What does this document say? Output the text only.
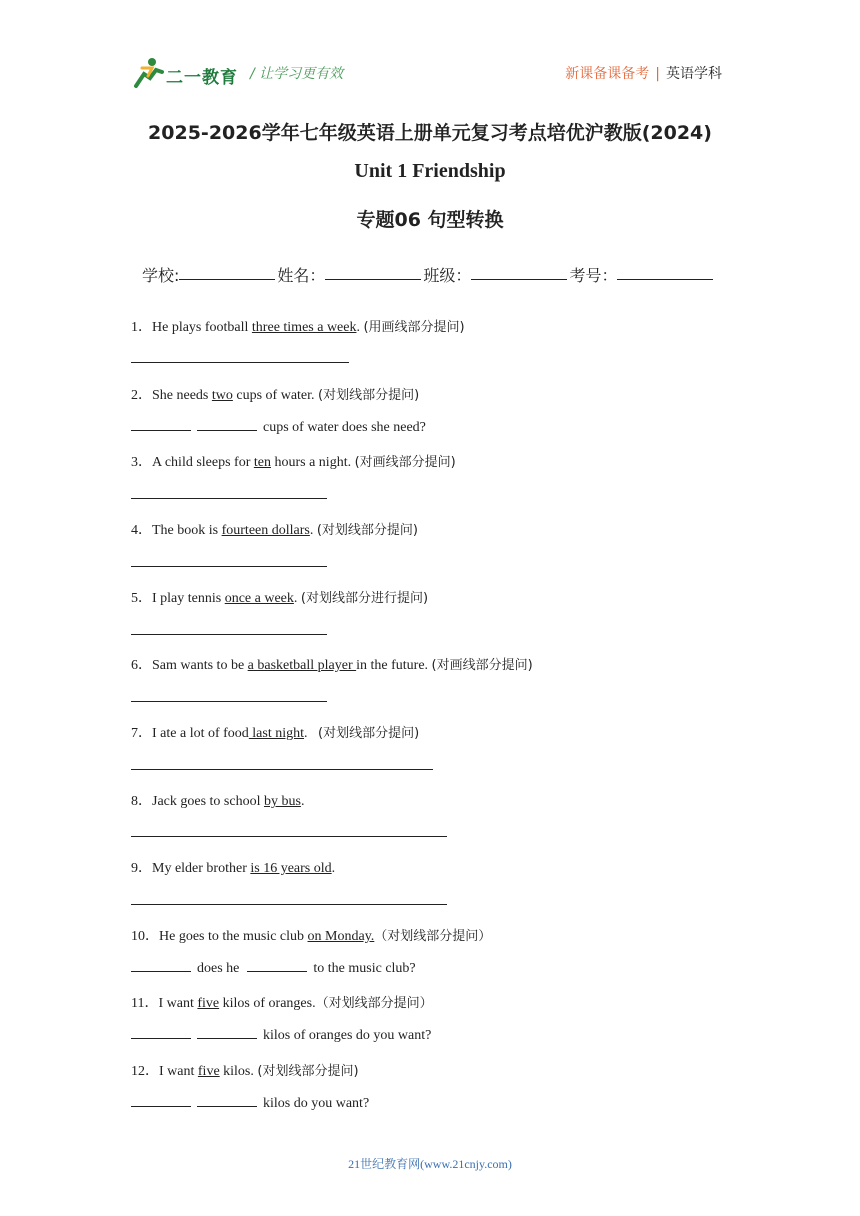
二一教育 / 让学习更有效	新课备课备考 | 英语学科
2025-2026学年七年级英语上册单元复习考点培优沪教版(2024)
Unit 1 Friendship
专题06 句型转换
学校:	姓名：	班级：	考号：
1．He plays football three times a week. (用画线部分提问)
2．She needs two cups of water. (对划线部分提问)
cups of water does she need?
3．A child sleeps for ten hours a night. (对画线部分提问)
4．The book is fourteen dollars. (对划线部分提问)
5．I play tennis once a week. (对划线部分进行提问)
6．Sam wants to be a basketball player in the future. (对画线部分提问)
7．I ate a lot of food last night.   (对划线部分提问)
8．Jack goes to school by bus.
9．My elder brother is 16 years old.
10．He goes to the music club on Monday.（对划线部分提问）
does he	to the music club?
11．I want five kilos of oranges.（对划线部分提问）
kilos of oranges do you want?
12．I want five kilos. (对划线部分提问)
kilos do you want?
21世纪教育网(www.21cnjy.com)
